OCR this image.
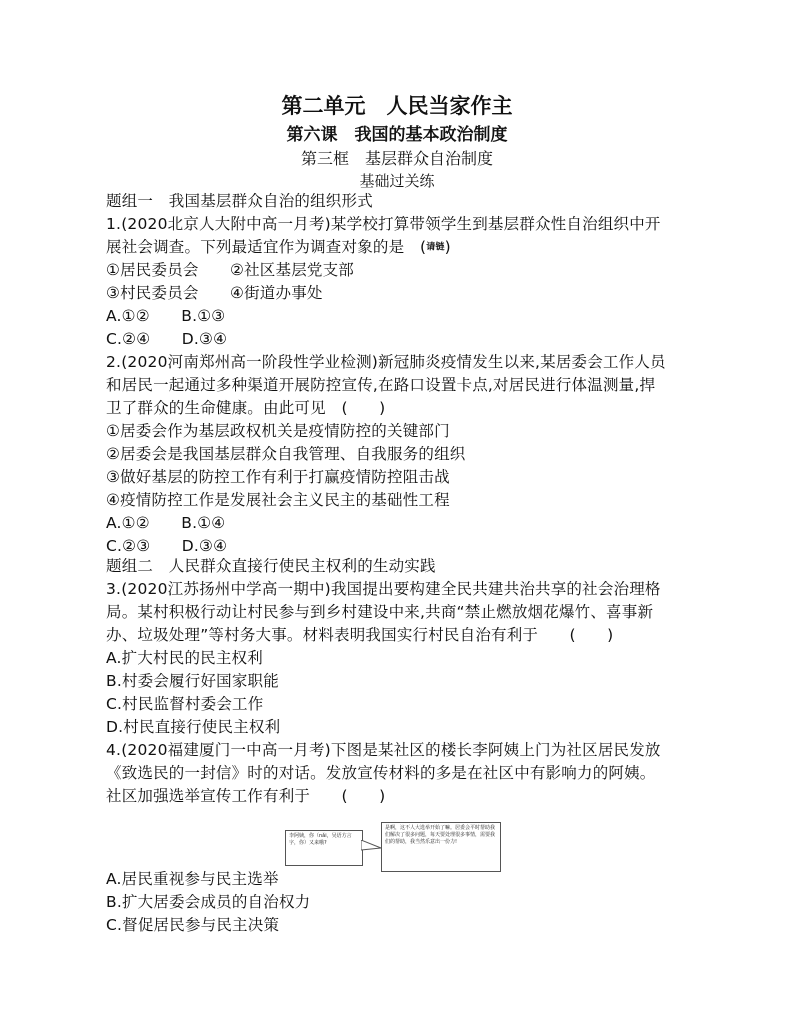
第二单元　人民当家作主
第六课　我国的基本政治制度
第三框　基层群众自治制度
基础过关练
题组一　我国基层群众自治的组织形式
1.(2020北京人大附中高一月考)某学校打算带领学生到基层群众性自治组织中开
展社会调查。下列最适宜作为调查对象的是　(请链)
①居民委员会　　②社区基层党支部
③村民委员会　　④街道办事处
A.①②　　B.①③
C.②④　　D.③④
2.(2020河南郑州高一阶段性学业检测)新冠肺炎疫情发生以来,某居委会工作人员
和居民一起通过多种渠道开展防控宣传,在路口设置卡点,对居民进行体温测量,捍
卫了群众的生命健康。由此可见　(　　)
①居委会作为基层政权机关是疫情防控的关键部门
②居委会是我国基层群众自我管理、自我服务的组织
③做好基层的防控工作有利于打赢疫情防控阻击战
④疫情防控工作是发展社会主义民主的基础性工程
A.①②　　B.①④
C.②③　　D.③④
题组二　人民群众直接行使民主权利的生动实践
3.(2020江苏扬州中学高一期中)我国提出要构建全民共建共治共享的社会治理格
局。某村积极行动让村民参与到乡村建设中来,共商“禁止燃放烟花爆竹、喜事新
办、垃圾处理”等村务大事。材料表明我国实行村民自治有利于　　(　　)
A.扩大村民的民主权利
B.村委会履行好国家职能
C.村民监督村委会工作
D.村民直接行使民主权利
4.(2020福建厦门一中高一月考)下图是某社区的楼长李阿姨上门为社区居民发放
《致选民的一封信》时的对话。发放宣传材料的多是在社区中有影响力的阿姨。
社区加强选举宣传工作有利于　　(　　)
李阿姨，你（nǎi，吴语方言字，你）又来哦?
是啊，这不人大选举开始了嘛。居委会平时帮助我们解决了很多问题，每天要处理很多事情，需要我们的帮助，我当然乐意出一份力!
A.居民重视参与民主选举
B.扩大居委会成员的自治权力
C.督促居民参与民主决策
